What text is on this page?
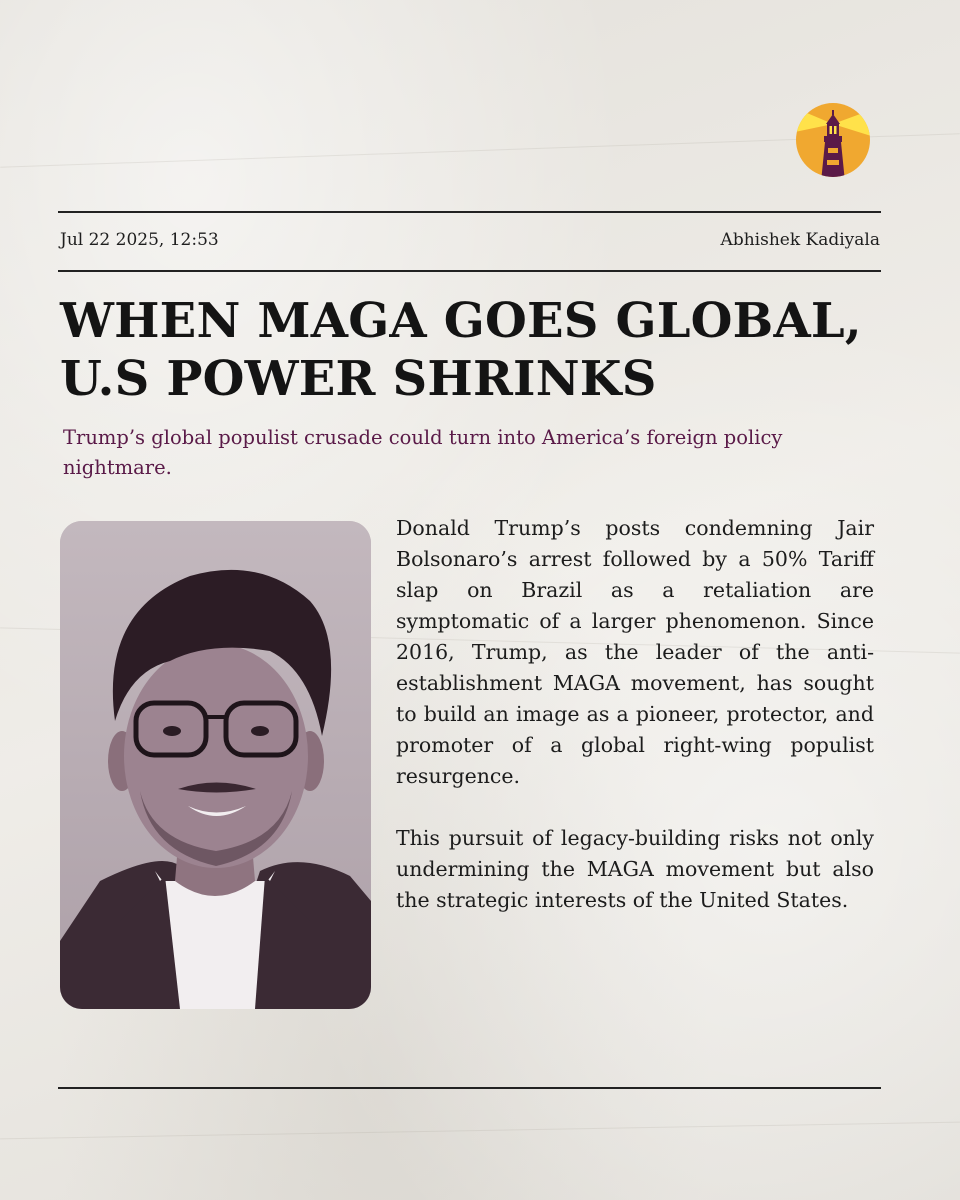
Jul 22 2025, 12:53	Abhishek Kadiyala
WHEN MAGA GOES GLOBAL, U.S POWER SHRINKS

Trump’s global populist crusade could turn into America’s foreign policy nightmare.

Donald Trump’s posts condemning Jair Bolsonaro’s arrest followed by a 50% Tariff slap on Brazil as a retaliation are symptomatic of a larger phenomenon. Since 2016, Trump, as the leader of the anti-establishment MAGA movement, has sought to build an image as a pioneer, protector, and promoter of a global right-wing populist resurgence.

This pursuit of legacy-building risks not only undermining the MAGA movement but also the strategic interests of the United States.
